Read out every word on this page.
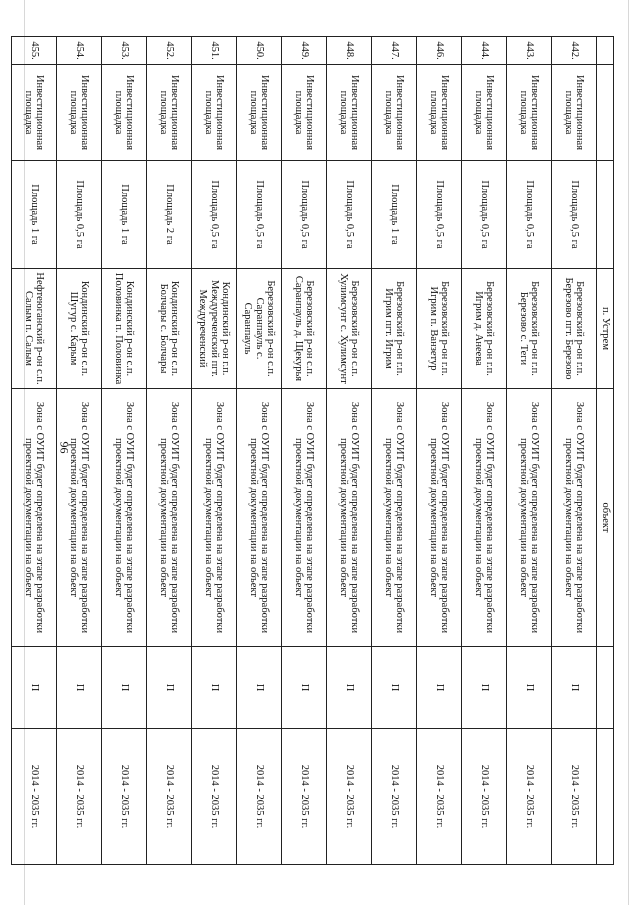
96
			п. Устрем	объект		
442.	Инвестиционная площадка	Площадь 0,5 га	Березовский р-он г.п. Березово пгт. Березово	Зона с ОУИТ будет определена на этапе разработки проектной документации на объект	П	2014 - 2035 гг.
443.	Инвестиционная площадка	Площадь 0,5 га	Березовский р-он г.п. Березово с. Теги	Зона с ОУИТ будет определена на этапе разработки проектной документации на объект	П	2014 - 2035 гг.
444.	Инвестиционная площадка	Площадь 0,5 га	Березовский р-он г.п. Игрим д. Анеева	Зона с ОУИТ будет определена на этапе разработки проектной документации на объект	П	2014 - 2035 гг.
446.	Инвестиционная площадка	Площадь 0,5 га	Березовский р-он г.п. Игрим п. Ванзетур	Зона с ОУИТ будет определена на этапе разработки проектной документации на объект	П	2014 - 2035 гг.
447.	Инвестиционная площадка	Площадь 1 га	Березовский р-он г.п. Игрим пгт. Игрим	Зона с ОУИТ будет определена на этапе разработки проектной документации на объект	П	2014 - 2035 гг.
448.	Инвестиционная площадка	Площадь 0,5 га	Березовский р-он с.п. Хулимсунт с. Хулимсунт	Зона с ОУИТ будет определена на этапе разработки проектной документации на объект	П	2014 - 2035 гг.
449.	Инвестиционная площадка	Площадь 0,5 га	Березовский р-он с.п. Саранпауль д. Щекурья	Зона с ОУИТ будет определена на этапе разработки проектной документации на объект	П	2014 - 2035 гг.
450.	Инвестиционная площадка	Площадь 0,5 га	Березовский р-он с.п. Саранпауль с. Саранпауль	Зона с ОУИТ будет определена на этапе разработки проектной документации на объект	П	2014 - 2035 гг.
451.	Инвестиционная площадка	Площадь 0,5 га	Кондинский р-он г.п. Междуреченский пгт. Междуреченский	Зона с ОУИТ будет определена на этапе разработки проектной документации на объект	П	2014 - 2035 гг.
452.	Инвестиционная площадка	Площадь 2 га	Кондинский р-он с.п. Болчары с. Болчары	Зона с ОУИТ будет определена на этапе разработки проектной документации на объект	П	2014 - 2035 гг.
453.	Инвестиционная площадка	Площадь 1 га	Кондинский р-он с.п. Половинка п. Половинка	Зона с ОУИТ будет определена на этапе разработки проектной документации на объект	П	2014 - 2035 гг.
454.	Инвестиционная площадка	Площадь 0,5 га	Кондинский р-он с.п. Шугур с. Карым	Зона с ОУИТ будет определена на этапе разработки проектной документации на объект	П	2014 - 2035 гг.
455.	Инвестиционная площадка	Площадь 1 га	Нефтеюганский р-он с.п. Салым п. Салым	Зона с ОУИТ будет определена на этапе разработки проектной документации на объект	П	2014 - 2035 гг.
